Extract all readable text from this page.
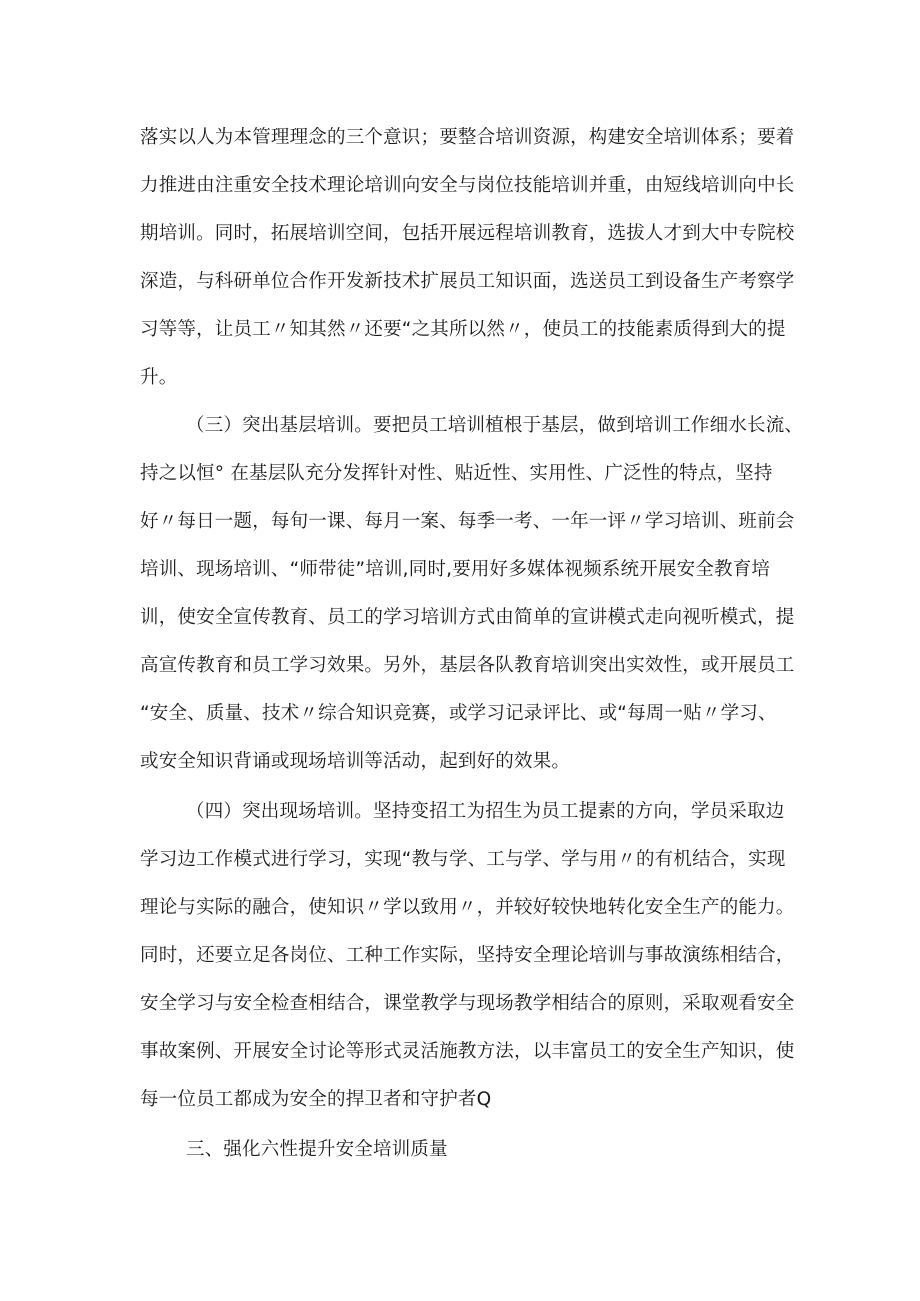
落实以人为本管理理念的三个意识；要整合培训资源，构建安全培训体系；要着
力推进由注重安全技术理论培训向安全与岗位技能培训并重，由短线培训向中长
期培训。同时，拓展培训空间，包括开展远程培训教育，选拔人才到大中专院校
深造，与科研单位合作开发新技术扩展员工知识面，选送员工到设备生产考察学
习等等，让员工〃知其然〃还要“之其所以然〃，使员工的技能素质得到大的提
升。
（三）突出基层培训。要把员工培训植根于基层，做到培训工作细水长流、
持之以恒° 在基层队充分发挥针对性、贴近性、实用性、广泛性的特点，坚持
好〃每日一题，每旬一课、每月一案、每季一考、一年一评〃学习培训、班前会
培训、现场培训、“师带徒”培训,同时,要用好多媒体视频系统开展安全教育培
训，使安全宣传教育、员工的学习培训方式由简单的宣讲模式走向视听模式，提
高宣传教育和员工学习效果。另外，基层各队教育培训突出实效性，或开展员工
“安全、质量、技术〃综合知识竞赛，或学习记录评比、或“每周一贴〃学习、
或安全知识背诵或现场培训等活动，起到好的效果。
（四）突出现场培训。坚持变招工为招生为员工提素的方向，学员采取边
学习边工作模式进行学习，实现“教与学、工与学、学与用〃的有机结合，实现
理论与实际的融合，使知识〃学以致用〃，并较好较快地转化安全生产的能力。
同时，还要立足各岗位、工种工作实际，坚持安全理论培训与事故演练相结合，
安全学习与安全检查相结合，课堂教学与现场教学相结合的原则，采取观看安全
事故案例、开展安全讨论等形式灵活施教方法，以丰富员工的安全生产知识，使
每一位员工都成为安全的捍卫者和守护者Q
三、强化六性提升安全培训质量
